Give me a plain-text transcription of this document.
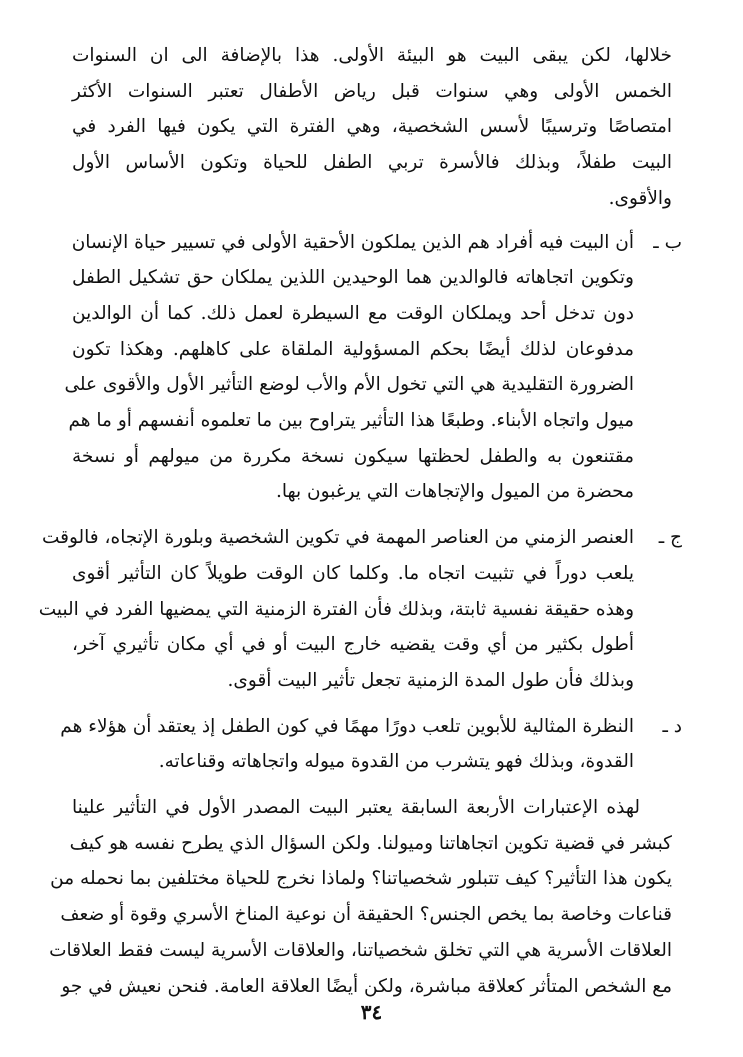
خلالها، لكن يبقى البيت هو البيئة الأولى. هذا بالإضافة الى ان السنوات
الخمس الأولى وهي سنوات قبل رياض الأطفال تعتبر السنوات الأكثر
امتصاصًا وترسيبًا لأسس الشخصية، وهي الفترة التي يكون فيها الفرد في
البيت طفلاً، وبذلك فالأسرة تربي الطفل للحياة وتكون الأساس الأول
والأقوى.
ب ـ
أن البيت فيه أفراد هم الذين يملكون الأحقية الأولى في تسيير حياة الإنسان
وتكوين اتجاهاته فالوالدين هما الوحيدين اللذين يملكان حق تشكيل الطفل
دون تدخل أحد ويملكان الوقت مع السيطرة لعمل ذلك. كما أن الوالدين
مدفوعان لذلك أيضًا بحكم المسؤولية الملقاة على كاهلهم. وهكذا تكون
الضرورة التقليدية هي التي تخول الأم والأب لوضع التأثير الأول والأقوى على
ميول واتجاه الأبناء. وطبعًا هذا التأثير يتراوح بين ما تعلموه أنفسهم أو ما هم
مقتنعون به والطفل لحظتها سيكون نسخة مكررة من ميولهم أو نسخة
محضرة من الميول والإتجاهات التي يرغبون بها.
ج ـ
العنصر الزمني من العناصر المهمة في تكوين الشخصية وبلورة الإتجاه، فالوقت
يلعب دوراً في تثبيت اتجاه ما. وكلما كان الوقت طويلاً كان التأثير أقوى
وهذه حقيقة نفسية ثابتة، وبذلك فأن الفترة الزمنية التي يمضيها الفرد في البيت
أطول بكثير من أي وقت يقضيه خارج البيت أو في أي مكان تأثيري آخر،
وبذلك فأن طول المدة الزمنية تجعل تأثير البيت أقوى.
د ـ
النظرة المثالية للأبوين تلعب دورًا مهمًا في كون الطفل إذ يعتقد أن هؤلاء هم
القدوة، وبذلك فهو يتشرب من القدوة ميوله واتجاهاته وقناعاته.
لهذه الإعتبارات الأربعة السابقة يعتبر البيت المصدر الأول في التأثير علينا
كبشر في قضية تكوين اتجاهاتنا وميولنا. ولكن السؤال الذي يطرح نفسه هو كيف
يكون هذا التأثير؟ كيف تتبلور شخصياتنا؟ ولماذا نخرج للحياة مختلفين بما نحمله من
قناعات وخاصة بما يخص الجنس؟ الحقيقة أن نوعية المناخ الأسري وقوة أو ضعف
العلاقات الأسرية هي التي تخلق شخصياتنا، والعلاقات الأسرية ليست فقط العلاقات
مع الشخص المتأثر كعلاقة مباشرة، ولكن أيضًا العلاقة العامة. فنحن نعيش في جو
٣٤
